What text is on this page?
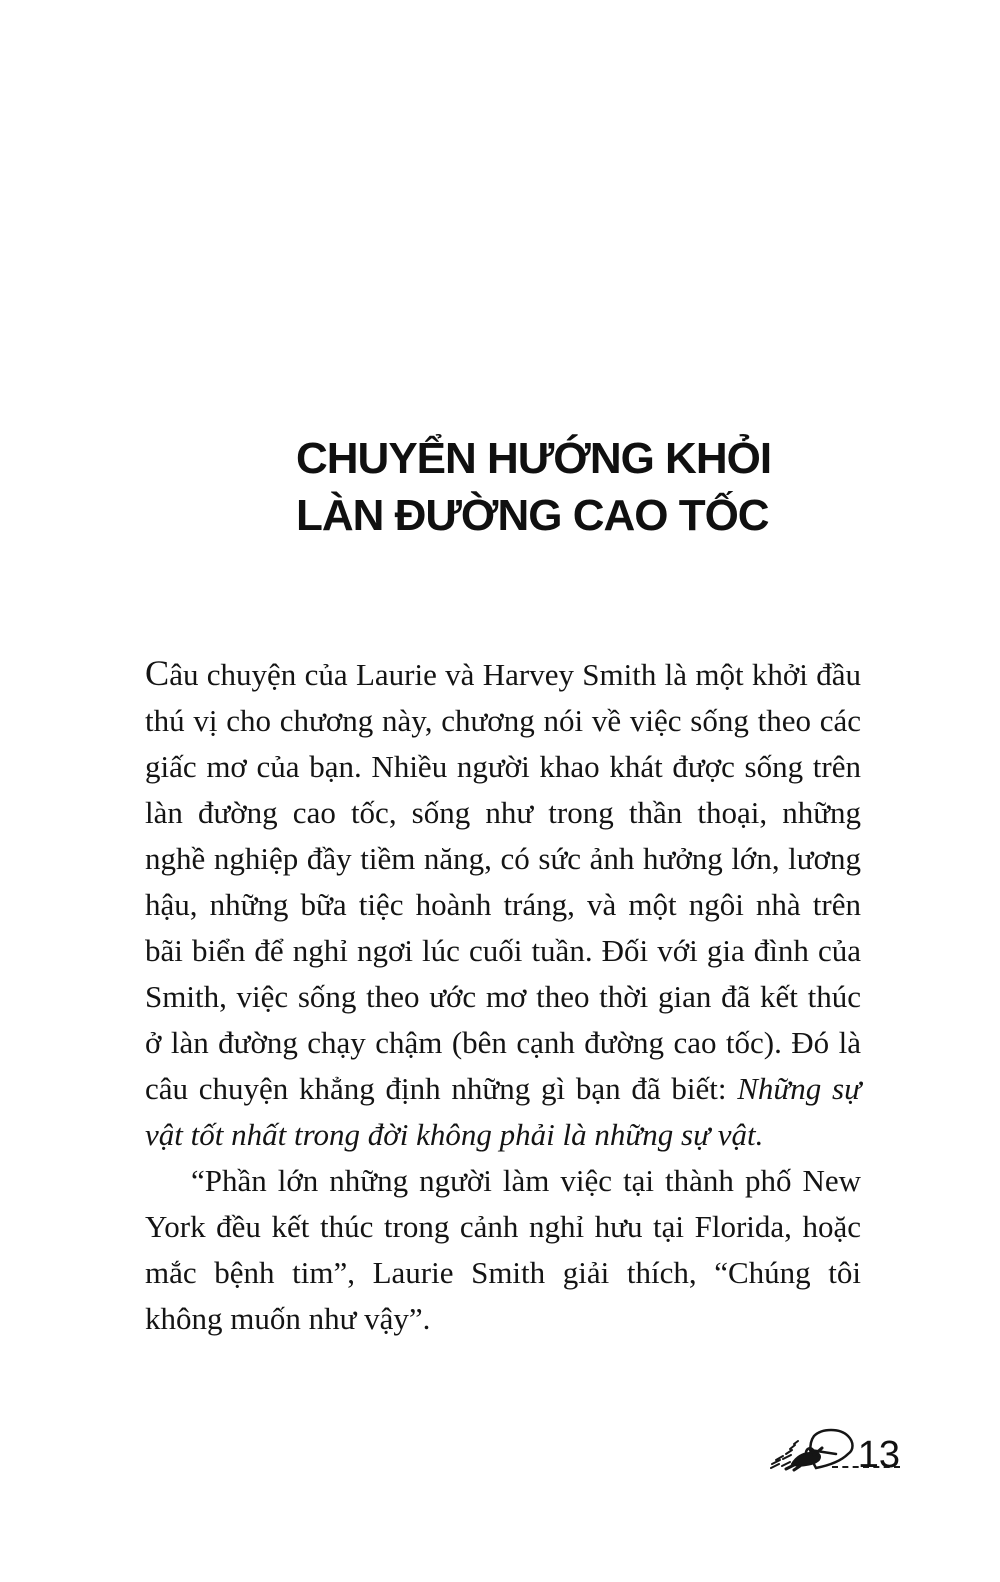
CHUYỂN HƯỚNG KHỎI
LÀN ĐƯỜNG CAO TỐC

Câu chuyện của Laurie và Harvey Smith là một khởi đầu thú vị cho chương này, chương nói về việc sống theo các giấc mơ của bạn. Nhiều người khao khát được sống trên làn đường cao tốc, sống như trong thần thoại, những nghề nghiệp đầy tiềm năng, có sức ảnh hưởng lớn, lương hậu, những bữa tiệc hoành tráng, và một ngôi nhà trên bãi biển để nghỉ ngơi lúc cuối tuần. Đối với gia đình của Smith, việc sống theo ước mơ theo thời gian đã kết thúc ở làn đường chạy chậm (bên cạnh đường cao tốc). Đó là câu chuyện khẳng định những gì bạn đã biết: Những sự vật tốt nhất trong đời không phải là những sự vật.

“Phần lớn những người làm việc tại thành phố New York đều kết thúc trong cảnh nghỉ hưu tại Florida, hoặc mắc bệnh tim”, Laurie Smith giải thích, “Chúng tôi không muốn như vậy”.

13
